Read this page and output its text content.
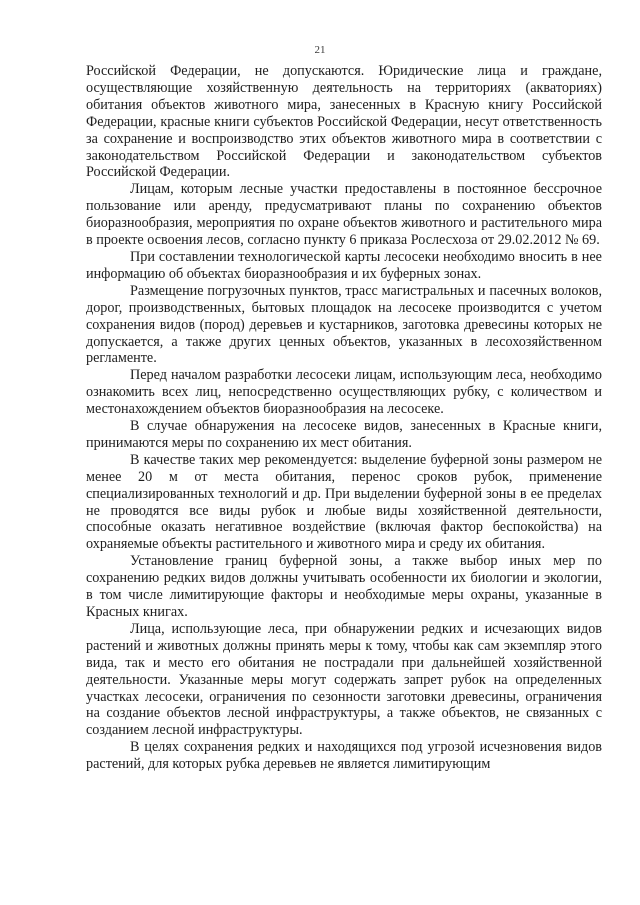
21

Российской Федерации, не допускаются. Юридические лица и граждане, осуществляющие хозяйственную деятельность на территориях (акваториях) обитания объектов животного мира, занесенных в Красную книгу Российской Федерации, красные книги субъектов Российской Федерации, несут ответственность за сохранение и воспроизводство этих объектов животного мира в соответствии с законодательством Российской Федерации и законодательством субъектов Российской Федерации.

Лицам, которым лесные участки предоставлены в постоянное бессрочное пользование или аренду, предусматривают планы по сохранению объектов биоразнообразия, мероприятия по охране объектов животного и растительного мира в проекте освоения лесов, согласно пункту 6 приказа Рослесхоза от 29.02.2012 № 69.

При составлении технологической карты лесосеки необходимо вносить в нее информацию об объектах биоразнообразия и их буферных зонах.

Размещение погрузочных пунктов, трасс магистральных и пасечных волоков, дорог, производственных, бытовых площадок на лесосеке производится с учетом сохранения видов (пород) деревьев и кустарников, заготовка древесины которых не допускается, а также других ценных объектов, указанных в лесохозяйственном регламенте.

Перед началом разработки лесосеки лицам, использующим леса, необходимо ознакомить всех лиц, непосредственно осуществляющих рубку, с количеством и местонахождением объектов биоразнообразия на лесосеке.

В случае обнаружения на лесосеке видов, занесенных в Красные книги, принимаются меры по сохранению их мест обитания.

В качестве таких мер рекомендуется: выделение буферной зоны размером не менее 20 м от места обитания, перенос сроков рубок, применение специализированных технологий и др. При выделении буферной зоны в ее пределах не проводятся все виды рубок и любые виды хозяйственной деятельности, способные оказать негативное воздействие (включая фактор беспокойства) на охраняемые объекты растительного и животного мира и среду их обитания.

Установление границ буферной зоны, а также выбор иных мер по сохранению редких видов должны учитывать особенности их биологии и экологии, в том числе лимитирующие факторы и необходимые меры охраны, указанные в Красных книгах.

Лица, использующие леса, при обнаружении редких и исчезающих видов растений и животных должны принять меры к тому, чтобы как сам экземпляр этого вида, так и место его обитания не пострадали при дальнейшей хозяйственной деятельности. Указанные меры могут содержать запрет рубок на определенных участках лесосеки, ограничения по сезонности заготовки древесины, ограничения на создание объектов лесной инфраструктуры, а также объектов, не связанных с созданием лесной инфраструктуры.

В целях сохранения редких и находящихся под угрозой исчезновения видов растений, для которых рубка деревьев не является лимитирующим
